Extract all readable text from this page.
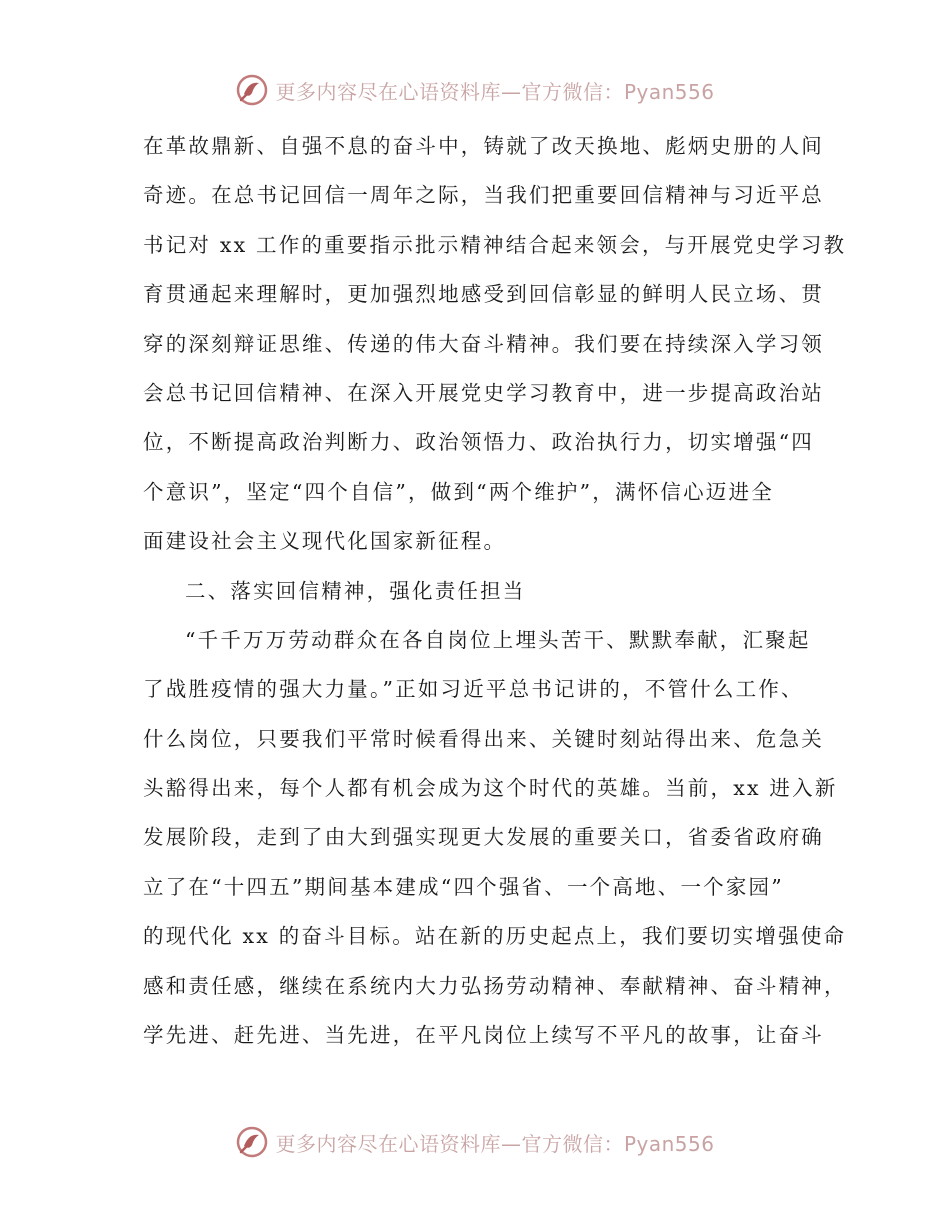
更多内容尽在心语资料库—官方微信：Pyan556
在革故鼎新、自强不息的奋斗中，铸就了改天换地、彪炳史册的人间
奇迹。在总书记回信一周年之际，当我们把重要回信精神与习近平总
书记对 xx 工作的重要指示批示精神结合起来领会，与开展党史学习教
育贯通起来理解时，更加强烈地感受到回信彰显的鲜明人民立场、贯
穿的深刻辩证思维、传递的伟大奋斗精神。我们要在持续深入学习领
会总书记回信精神、在深入开展党史学习教育中，进一步提高政治站
位，不断提高政治判断力、政治领悟力、政治执行力，切实增强“四
个意识”，坚定“四个自信”，做到“两个维护”，满怀信心迈进全
面建设社会主义现代化国家新征程。
二、落实回信精神，强化责任担当
“千千万万劳动群众在各自岗位上埋头苦干、默默奉献，汇聚起
了战胜疫情的强大力量。”正如习近平总书记讲的，不管什么工作、
什么岗位，只要我们平常时候看得出来、关键时刻站得出来、危急关
头豁得出来，每个人都有机会成为这个时代的英雄。当前，xx 进入新
发展阶段，走到了由大到强实现更大发展的重要关口，省委省政府确
立了在“十四五”期间基本建成“四个强省、一个高地、一个家园”
的现代化 xx 的奋斗目标。站在新的历史起点上，我们要切实增强使命
感和责任感，继续在系统内大力弘扬劳动精神、奉献精神、奋斗精神，
学先进、赶先进、当先进，在平凡岗位上续写不平凡的故事，让奋斗
更多内容尽在心语资料库—官方微信：Pyan556
